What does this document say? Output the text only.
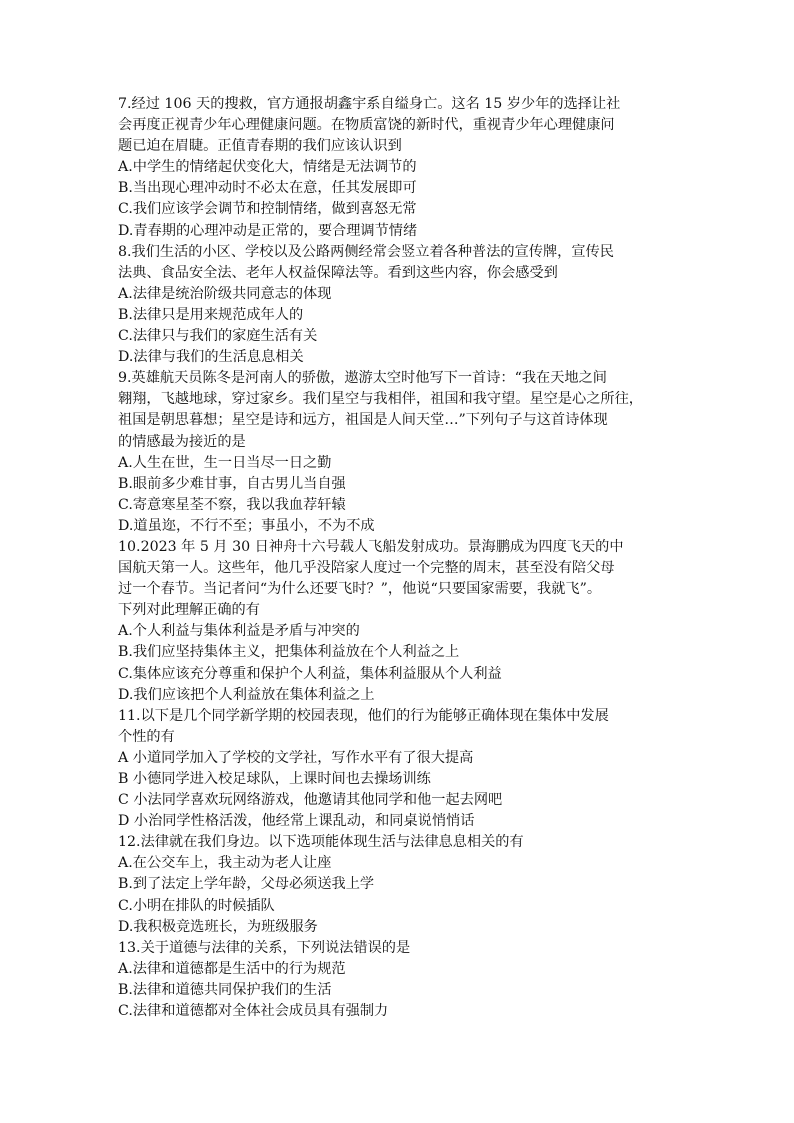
7.经过 106 天的搜救，官方通报胡鑫宇系自缢身亡。这名 15 岁少年的选择让社
会再度正视青少年心理健康问题。在物质富饶的新时代，重视青少年心理健康问
题已迫在眉睫。正值青春期的我们应该认识到
A.中学生的情绪起伏变化大，情绪是无法调节的
B.当出现心理冲动时不必太在意，任其发展即可
C.我们应该学会调节和控制情绪，做到喜怒无常
D.青春期的心理冲动是正常的，要合理调节情绪
8.我们生活的小区、学校以及公路两侧经常会竖立着各种普法的宣传牌，宣传民
法典、食品安全法、老年人权益保障法等。看到这些内容，你会感受到
A.法律是统治阶级共同意志的体现
B.法律只是用来规范成年人的
C.法律只与我们的家庭生活有关
D.法律与我们的生活息息相关
9.英雄航天员陈冬是河南人的骄傲，遨游太空时他写下一首诗：“我在天地之间
翱翔，飞越地球，穿过家乡。我们星空与我相伴，祖国和我守望。星空是心之所往，
祖国是朝思暮想；星空是诗和远方，祖国是人间天堂…”下列句子与这首诗体现
的情感最为接近的是
A.人生在世，生一日当尽一日之勤
B.眼前多少难甘事，自古男儿当自强
C.寄意寒星荃不察，我以我血荐轩辕
D.道虽迩，不行不至；事虽小，不为不成
10.2023 年 5 月 30 日神舟十六号载人飞船发射成功。景海鹏成为四度飞天的中
国航天第一人。这些年，他几乎没陪家人度过一个完整的周末，甚至没有陪父母
过一个春节。当记者问“为什么还要飞时？”，他说“只要国家需要，我就飞”。
下列对此理解正确的有
A.个人利益与集体利益是矛盾与冲突的
B.我们应坚持集体主义，把集体利益放在个人利益之上
C.集体应该充分尊重和保护个人利益，集体利益服从个人利益
D.我们应该把个人利益放在集体利益之上
11.以下是几个同学新学期的校园表现，他们的行为能够正确体现在集体中发展
个性的有
A 小道同学加入了学校的文学社，写作水平有了很大提高
B 小德同学进入校足球队，上课时间也去操场训练
C 小法同学喜欢玩网络游戏，他邀请其他同学和他一起去网吧
D 小治同学性格活泼，他经常上课乱动，和同桌说悄悄话
12.法律就在我们身边。以下选项能体现生活与法律息息相关的有
A.在公交车上，我主动为老人让座
B.到了法定上学年龄，父母必须送我上学
C.小明在排队的时候插队
D.我积极竞选班长，为班级服务
13.关于道德与法律的关系，下列说法错误的是
A.法律和道德都是生活中的行为规范
B.法律和道德共同保护我们的生活
C.法律和道德都对全体社会成员具有强制力
